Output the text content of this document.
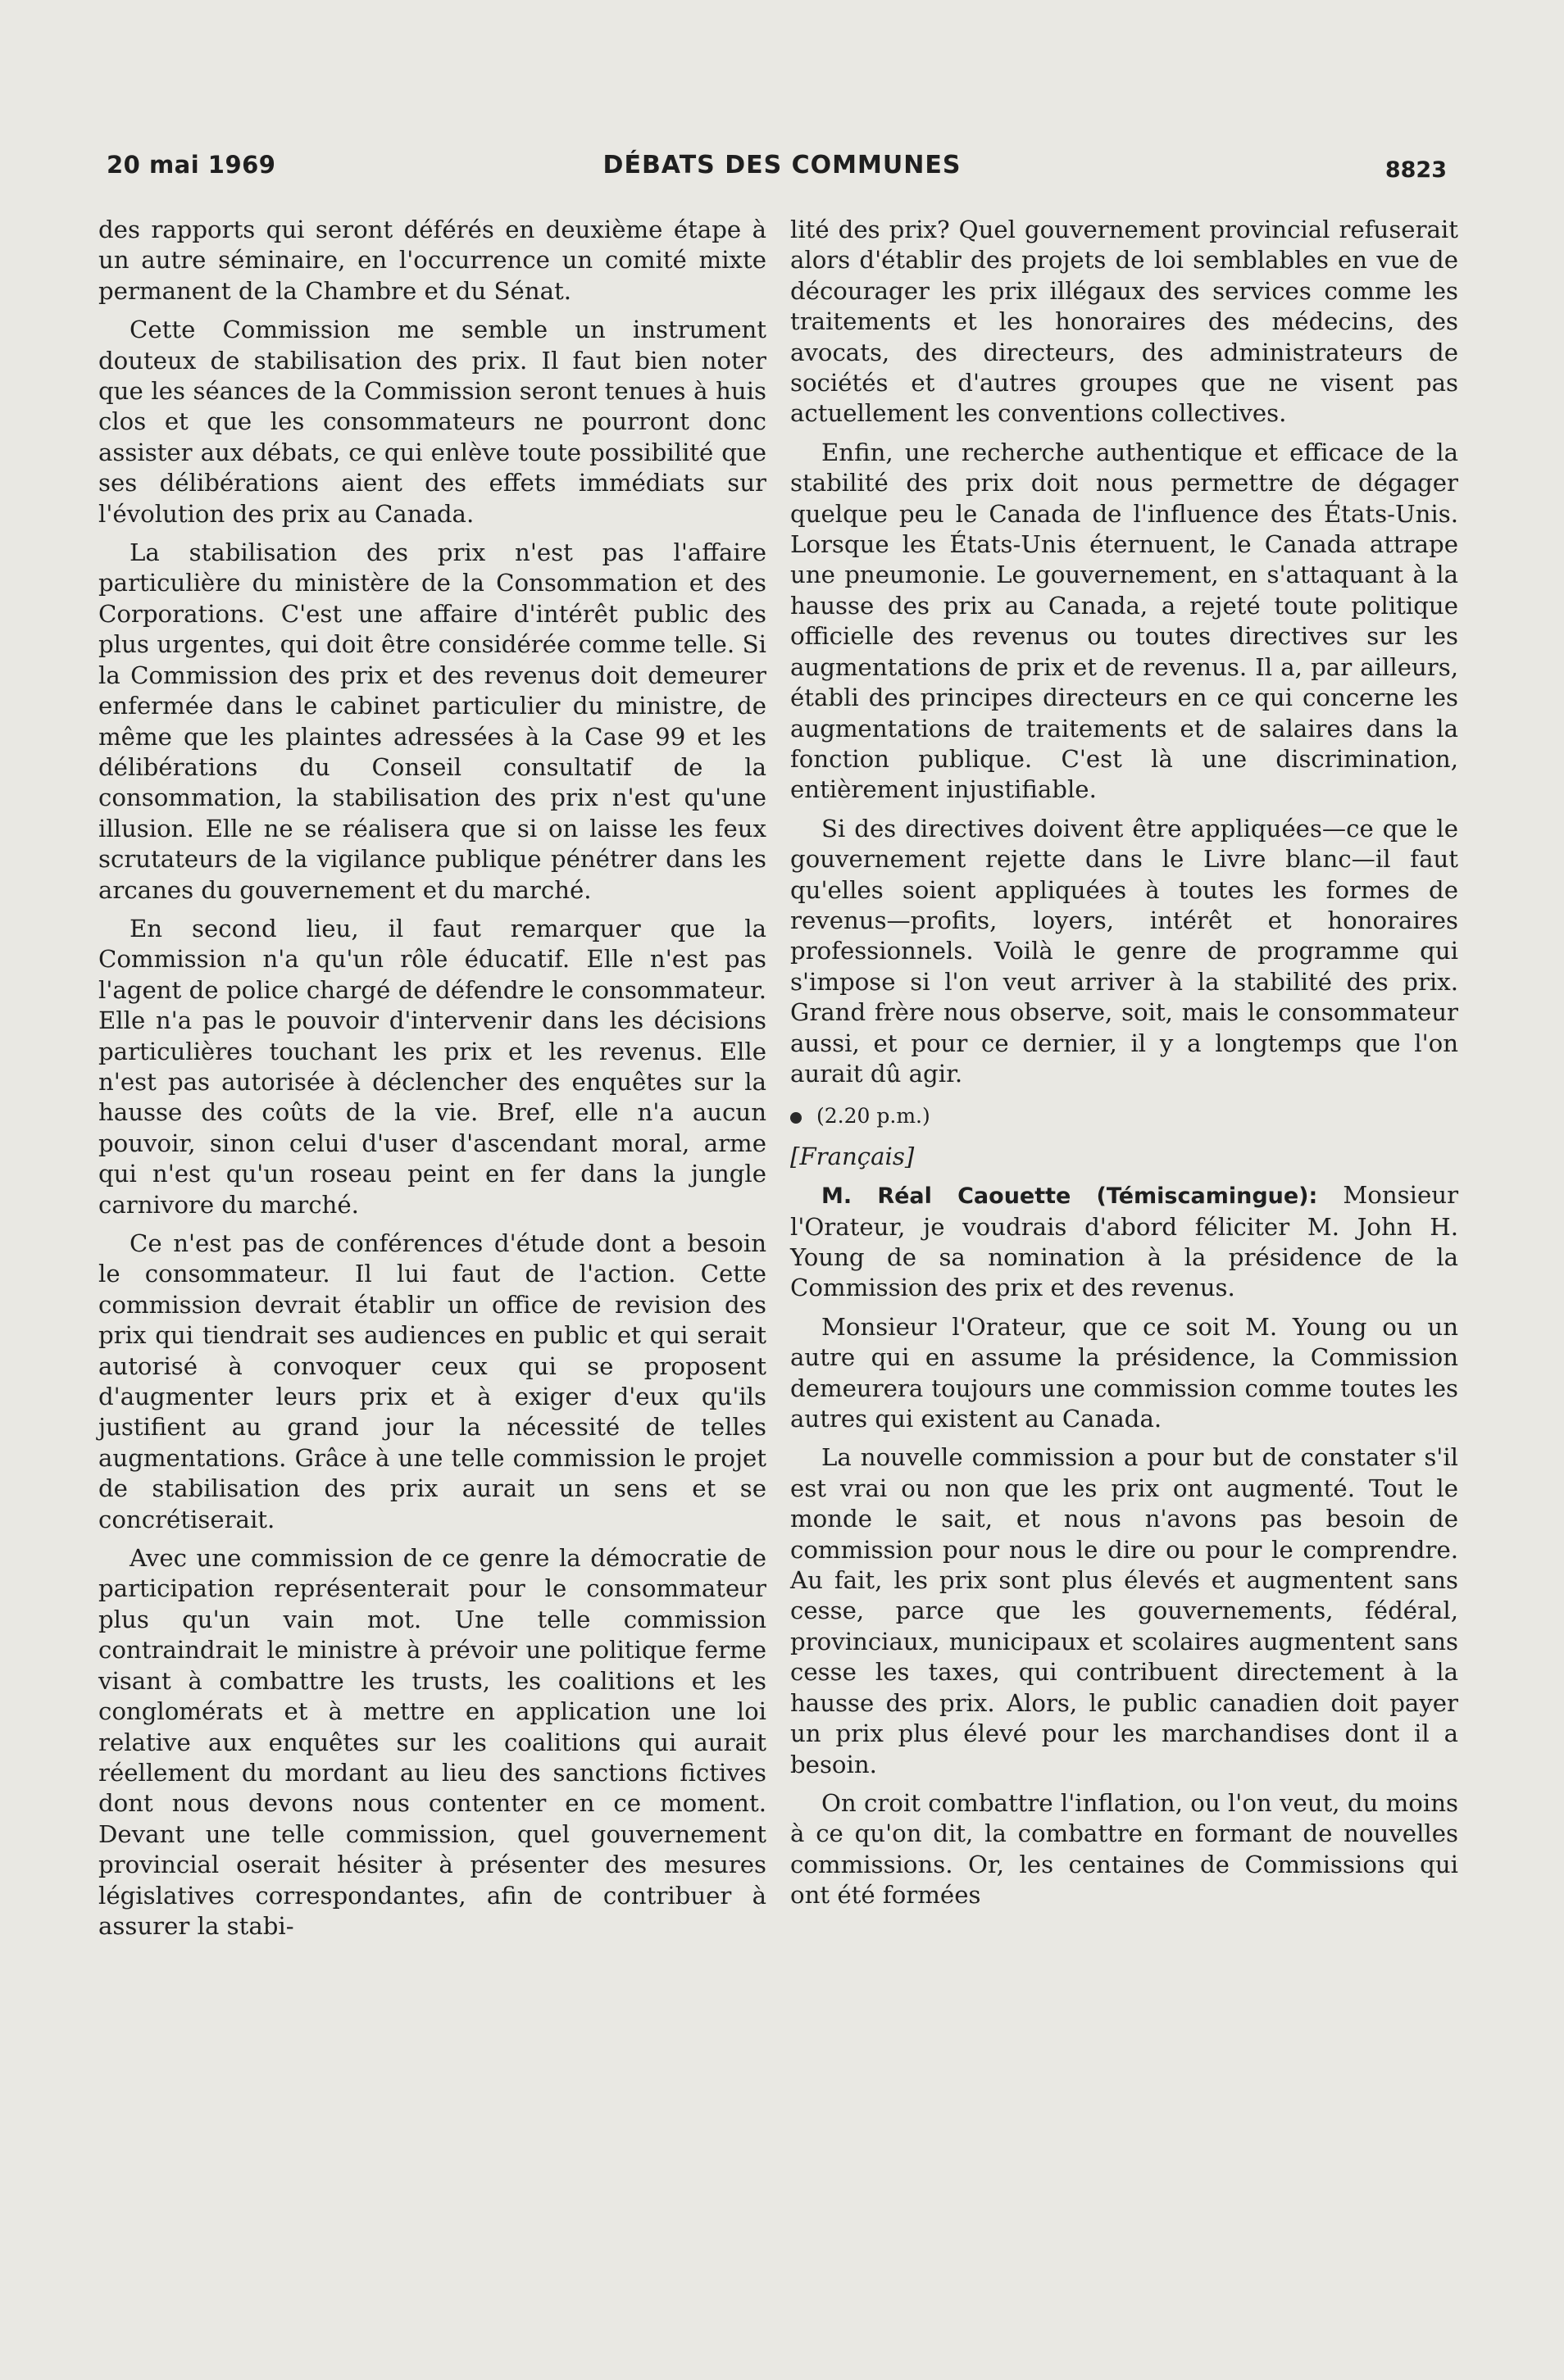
20 mai 1969	DÉBATS DES COMMUNES	8823

des rapports qui seront déférés en deuxième étape à un autre séminaire, en l'occurrence un comité mixte permanent de la Chambre et du Sénat.

Cette Commission me semble un instrument douteux de stabilisation des prix. Il faut bien noter que les séances de la Commission seront tenues à huis clos et que les consommateurs ne pourront donc assister aux débats, ce qui enlève toute possibilité que ses délibérations aient des effets immédiats sur l'évolution des prix au Canada.

La stabilisation des prix n'est pas l'affaire particulière du ministère de la Consommation et des Corporations. C'est une affaire d'intérêt public des plus urgentes, qui doit être considérée comme telle. Si la Commission des prix et des revenus doit demeurer enfermée dans le cabinet particulier du ministre, de même que les plaintes adressées à la Case 99 et les délibérations du Conseil consultatif de la consommation, la stabilisation des prix n'est qu'une illusion. Elle ne se réalisera que si on laisse les feux scrutateurs de la vigilance publique pénétrer dans les arcanes du gouvernement et du marché.

En second lieu, il faut remarquer que la Commission n'a qu'un rôle éducatif. Elle n'est pas l'agent de police chargé de défendre le consommateur. Elle n'a pas le pouvoir d'intervenir dans les décisions particulières touchant les prix et les revenus. Elle n'est pas autorisée à déclencher des enquêtes sur la hausse des coûts de la vie. Bref, elle n'a aucun pouvoir, sinon celui d'user d'ascendant moral, arme qui n'est qu'un roseau peint en fer dans la jungle carnivore du marché.

Ce n'est pas de conférences d'étude dont a besoin le consommateur. Il lui faut de l'action. Cette commission devrait établir un office de revision des prix qui tiendrait ses audiences en public et qui serait autorisé à convoquer ceux qui se proposent d'augmenter leurs prix et à exiger d'eux qu'ils justifient au grand jour la nécessité de telles augmentations. Grâce à une telle commission le projet de stabilisation des prix aurait un sens et se concrétiserait.

Avec une commission de ce genre la démocratie de participation représenterait pour le consommateur plus qu'un vain mot. Une telle commission contraindrait le ministre à prévoir une politique ferme visant à combattre les trusts, les coalitions et les conglomérats et à mettre en application une loi relative aux enquêtes sur les coalitions qui aurait réellement du mordant au lieu des sanctions fictives dont nous devons nous contenter en ce moment. Devant une telle commission, quel gouvernement provincial oserait hésiter à présenter des mesures législatives correspondantes, afin de contribuer à assurer la stabi-

lité des prix? Quel gouvernement provincial refuserait alors d'établir des projets de loi semblables en vue de décourager les prix illégaux des services comme les traitements et les honoraires des médecins, des avocats, des directeurs, des administrateurs de sociétés et d'autres groupes que ne visent pas actuellement les conventions collectives.

Enfin, une recherche authentique et efficace de la stabilité des prix doit nous permettre de dégager quelque peu le Canada de l'influence des États-Unis. Lorsque les États-Unis éternuent, le Canada attrape une pneumonie. Le gouvernement, en s'attaquant à la hausse des prix au Canada, a rejeté toute politique officielle des revenus ou toutes directives sur les augmentations de prix et de revenus. Il a, par ailleurs, établi des principes directeurs en ce qui concerne les augmentations de traitements et de salaires dans la fonction publique. C'est là une discrimination, entièrement injustifiable.

Si des directives doivent être appliquées—ce que le gouvernement rejette dans le Livre blanc—il faut qu'elles soient appliquées à toutes les formes de revenus—profits, loyers, intérêt et honoraires professionnels. Voilà le genre de programme qui s'impose si l'on veut arriver à la stabilité des prix. Grand frère nous observe, soit, mais le consommateur aussi, et pour ce dernier, il y a longtemps que l'on aurait dû agir.

(2.20 p.m.)

[Français]

M. Réal Caouette (Témiscamingue): Monsieur l'Orateur, je voudrais d'abord féliciter M. John H. Young de sa nomination à la présidence de la Commission des prix et des revenus.

Monsieur l'Orateur, que ce soit M. Young ou un autre qui en assume la présidence, la Commission demeurera toujours une commission comme toutes les autres qui existent au Canada.

La nouvelle commission a pour but de constater s'il est vrai ou non que les prix ont augmenté. Tout le monde le sait, et nous n'avons pas besoin de commission pour nous le dire ou pour le comprendre. Au fait, les prix sont plus élevés et augmentent sans cesse, parce que les gouvernements, fédéral, provinciaux, municipaux et scolaires augmentent sans cesse les taxes, qui contribuent directement à la hausse des prix. Alors, le public canadien doit payer un prix plus élevé pour les marchandises dont il a besoin.

On croit combattre l'inflation, ou l'on veut, du moins à ce qu'on dit, la combattre en formant de nouvelles commissions. Or, les centaines de Commissions qui ont été formées
